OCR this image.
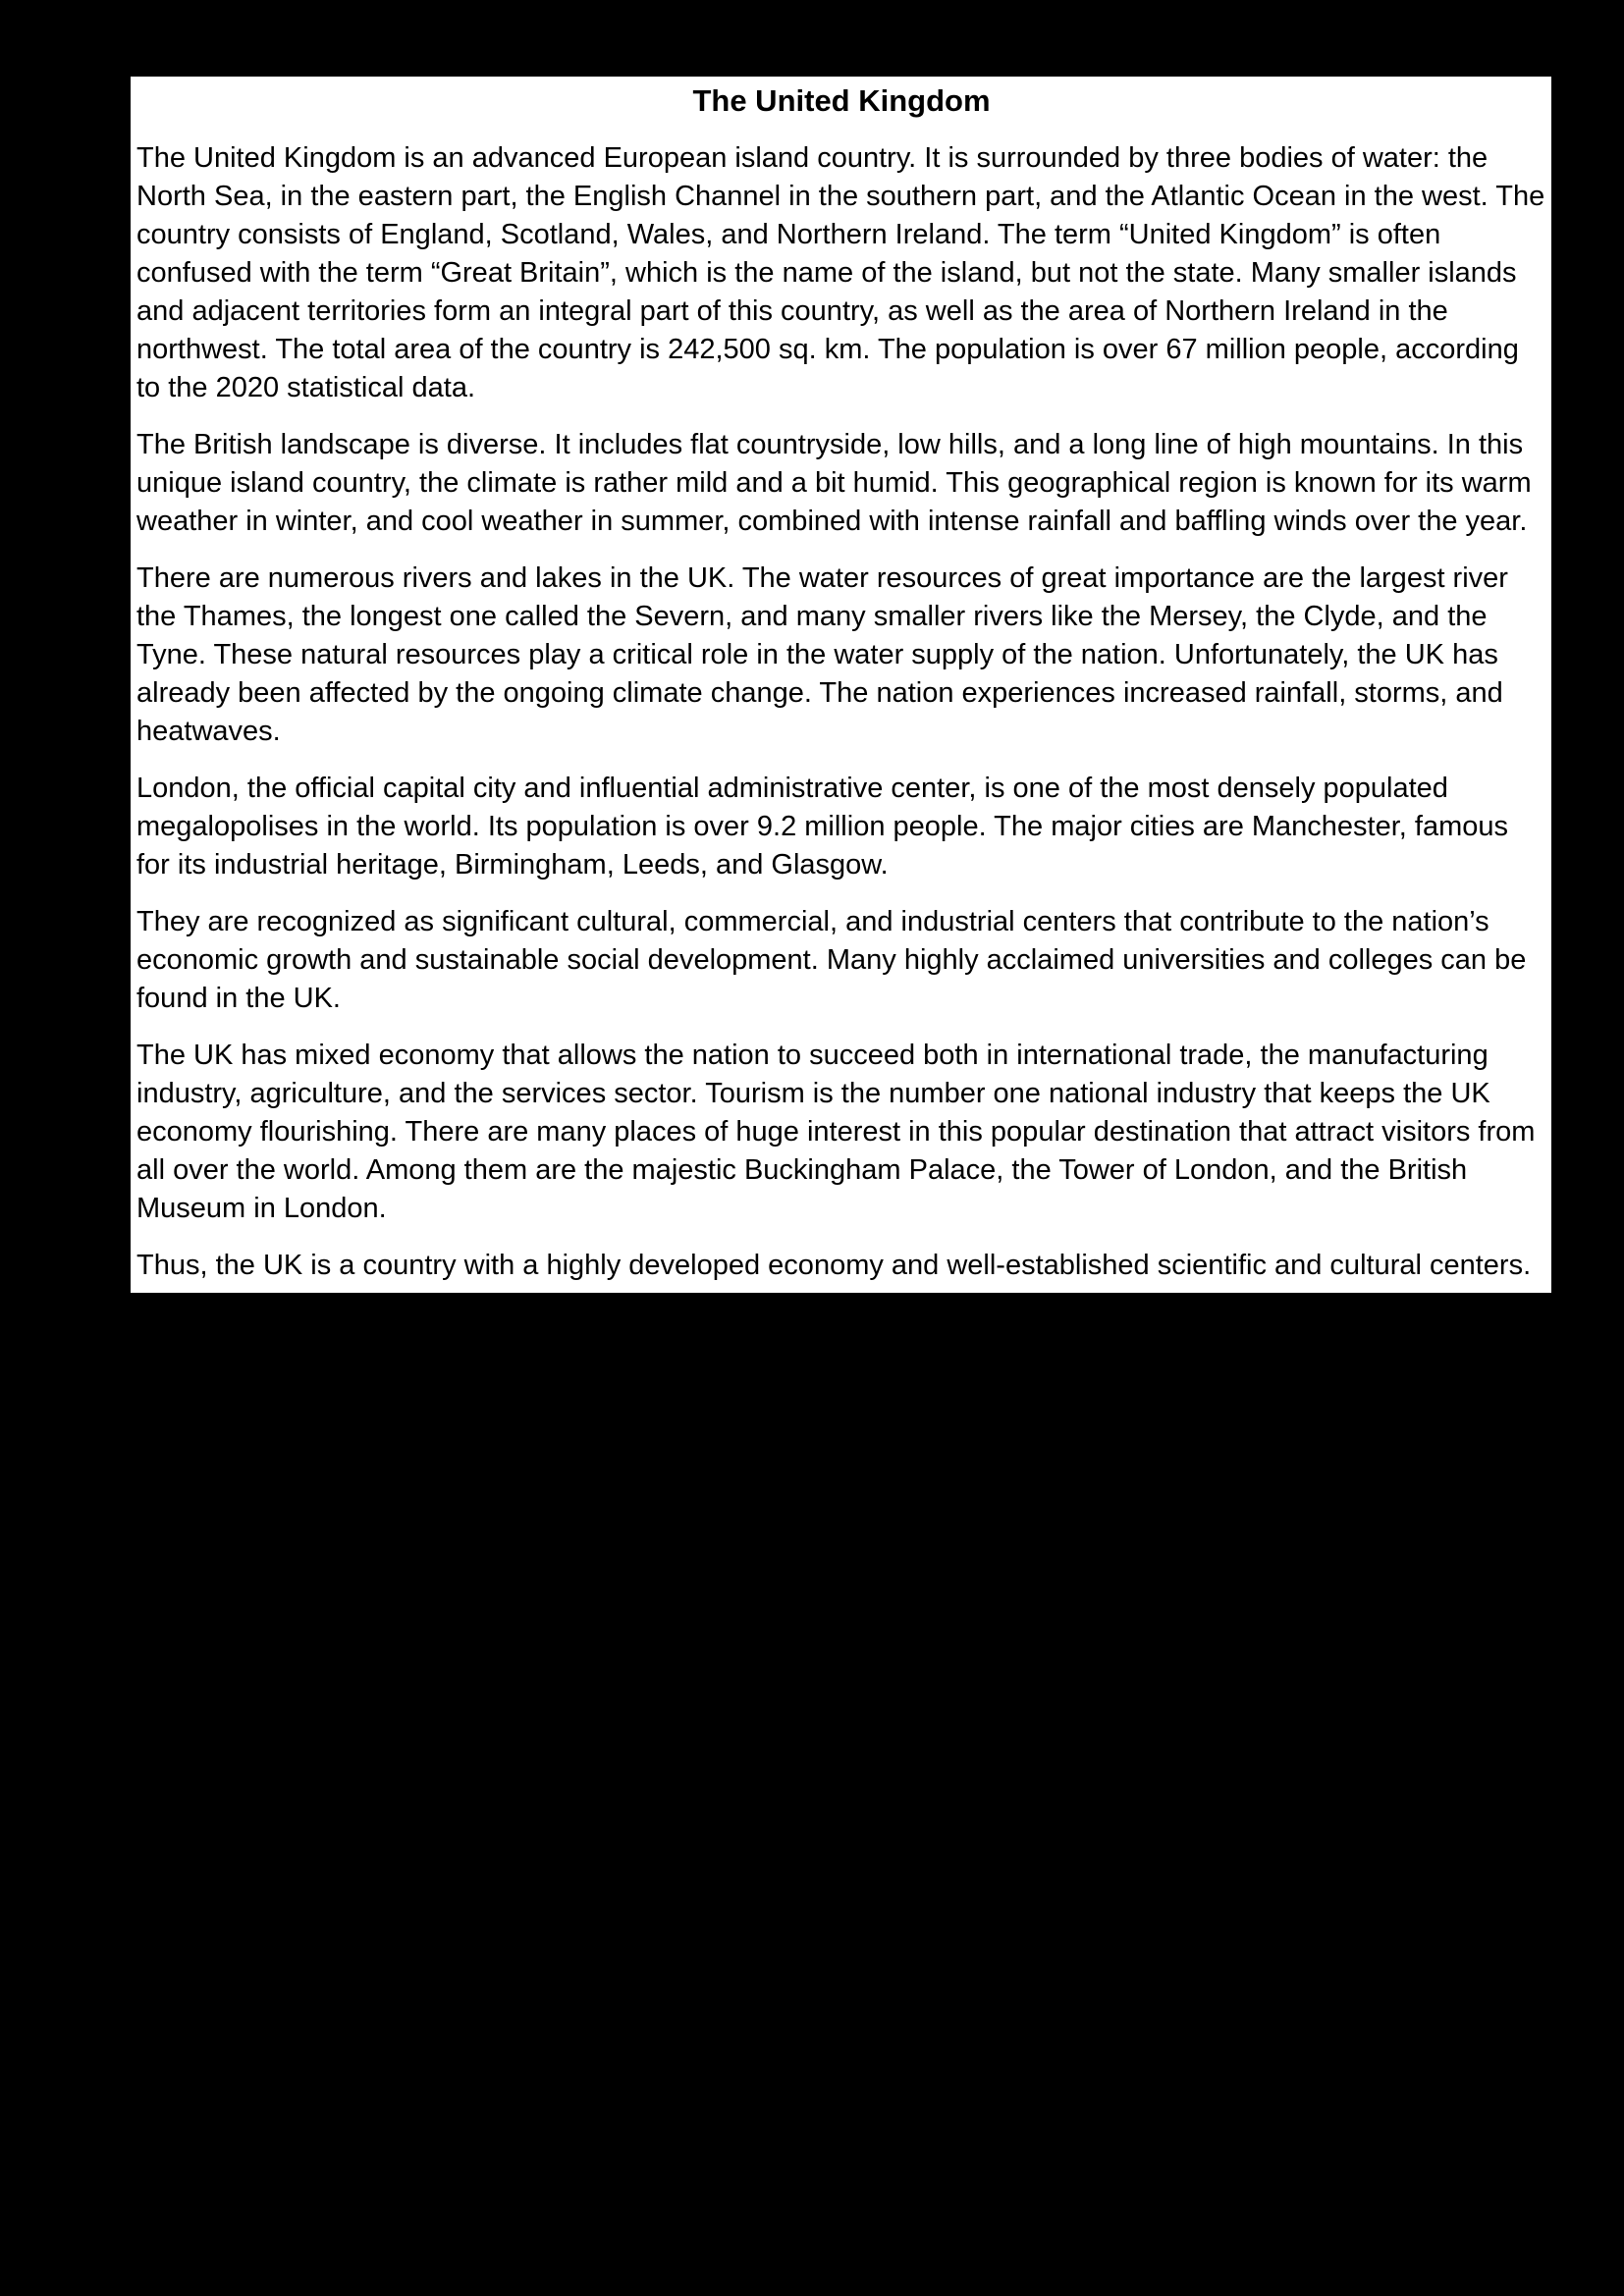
The United Kingdom

The United Kingdom is an advanced European island country. It is surrounded by three bodies of water: the North Sea, in the eastern part, the English Channel in the southern part, and the Atlantic Ocean in the west. The country consists of England, Scotland, Wales, and Northern Ireland. The term “United Kingdom” is often confused with the term “Great Britain”, which is the name of the island, but not the state. Many smaller islands and adjacent territories form an integral part of this country, as well as the area of Northern Ireland in the northwest. The total area of the country is 242,500 sq. km. The population is over 67 million people, according to the 2020 statistical data.

The British landscape is diverse. It includes flat countryside, low hills, and a long line of high mountains. In this unique island country, the climate is rather mild and a bit humid. This geographical region is known for its warm weather in winter, and cool weather in summer, combined with intense rainfall and baffling winds over the year.

There are numerous rivers and lakes in the UK. The water resources of great importance are the largest river the Thames, the longest one called the Severn, and many smaller rivers like the Mersey, the Clyde, and the Tyne. These natural resources play a critical role in the water supply of the nation. Unfortunately, the UK has already been affected by the ongoing climate change. The nation experiences increased rainfall, storms, and heatwaves.

London, the official capital city and influential administrative center, is one of the most densely populated megalopolises in the world. Its population is over 9.2 million people. The major cities are Manchester, famous for its industrial heritage, Birmingham, Leeds, and Glasgow.

They are recognized as significant cultural, commercial, and industrial centers that contribute to the nation’s economic growth and sustainable social development. Many highly acclaimed universities and colleges can be found in the UK.

The UK has mixed economy that allows the nation to succeed both in international trade, the manufacturing industry, agriculture, and the services sector. Tourism is the number one national industry that keeps the UK economy flourishing. There are many places of huge interest in this popular destination that attract visitors from all over the world. Among them are the majestic Buckingham Palace, the Tower of London, and the British Museum in London.

Thus, the UK is a country with a highly developed economy and well-established scientific and cultural centers.
